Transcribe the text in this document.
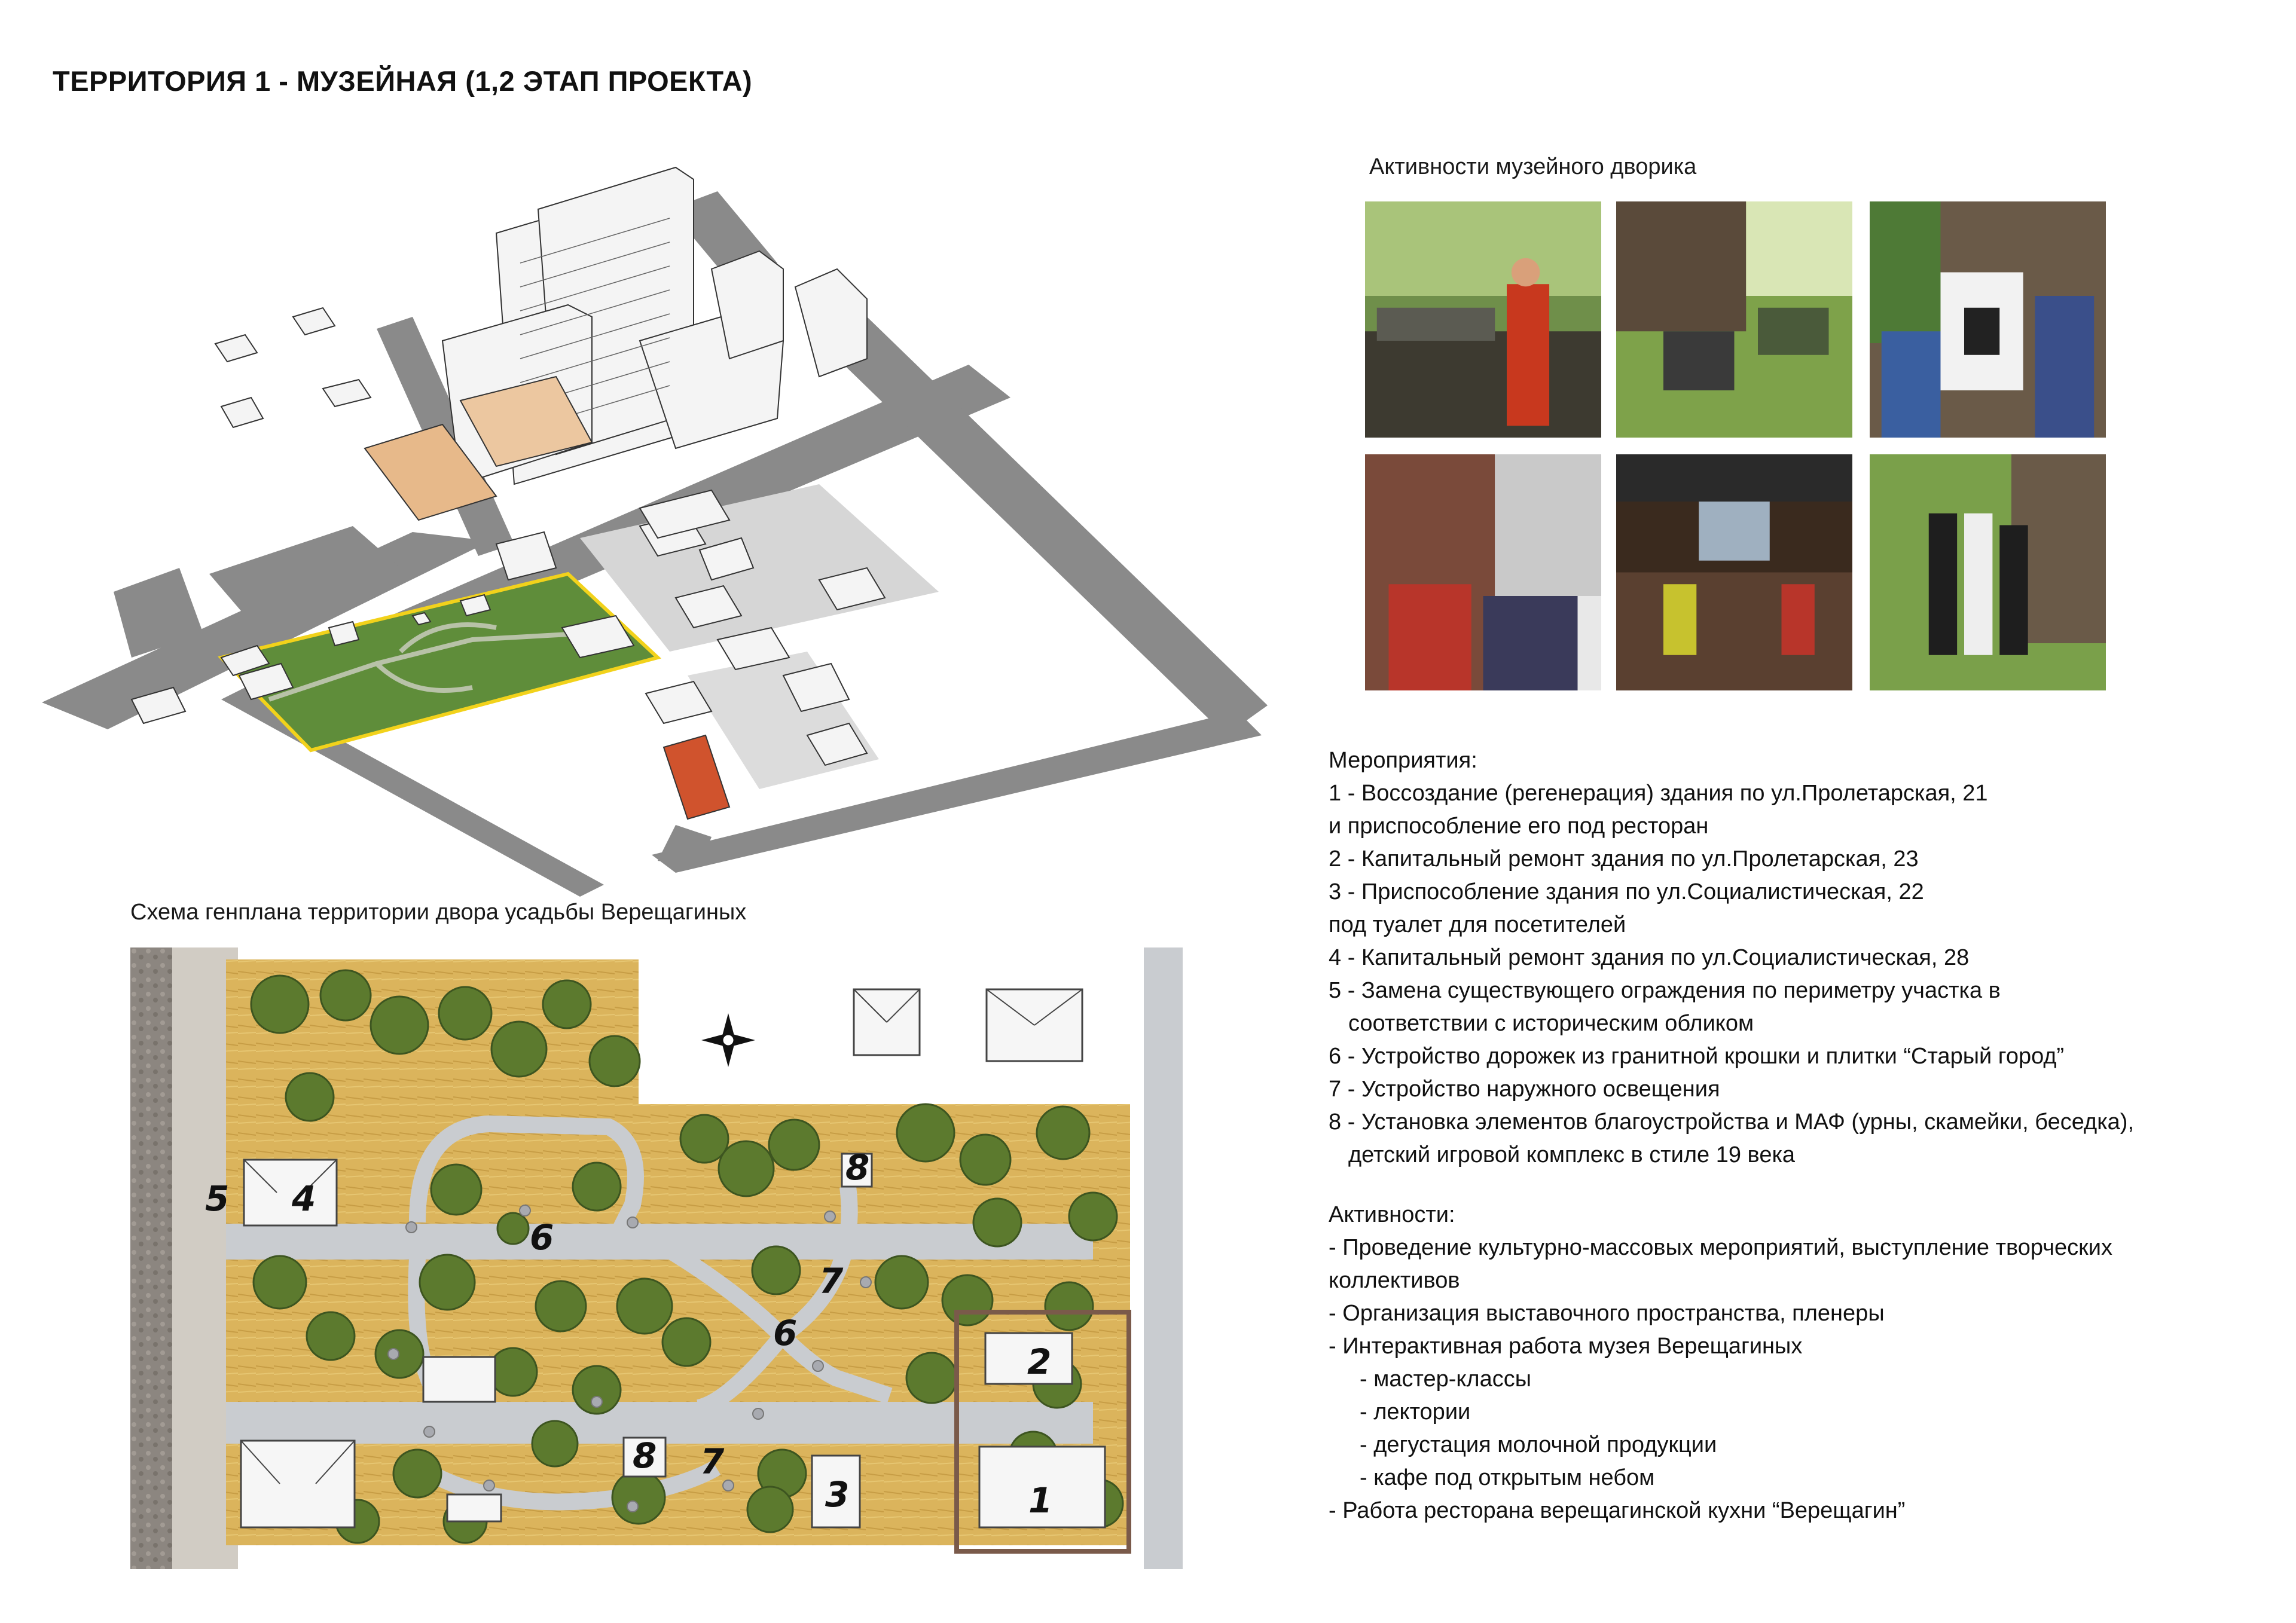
ТЕРРИТОРИЯ 1 - МУЗЕЙНАЯ (1,2 ЭТАП ПРОЕКТА)
Активности музейного дворика
Схема генплана территории двора усадьбы Верещагиных
1
2
3
4
5
6
6
7
7
8
8
Мероприятия:
1 - Воссоздание (регенерация) здания по ул.Пролетарская, 21
и приспособление его под ресторан
2 - Капитальный ремонт здания по ул.Пролетарская, 23
3 - Приспособление здания по ул.Социалистическая, 22
под туалет для посетителей
4 - Капитальный ремонт здания по ул.Социалистическая, 28
5 - Замена существующего ограждения по периметру участка в
соответствии с историческим обликом
6 - Устройство дорожек из гранитной крошки и плитки “Старый город”
7 - Устройство наружного освещения
8 - Установка элементов благоустройства и МАФ (урны, скамейки, беседка),
детский игровой комплекс в стиле 19 века
Активности:
- Проведение культурно-массовых мероприятий, выступление творческих
коллективов
- Организация выставочного пространства, пленеры
- Интерактивная работа музея Верещагиных
- мастер-классы
- лектории
- дегустация молочной продукции
- кафе под открытым небом
- Работа ресторана верещагинской кухни “Верещагин”
